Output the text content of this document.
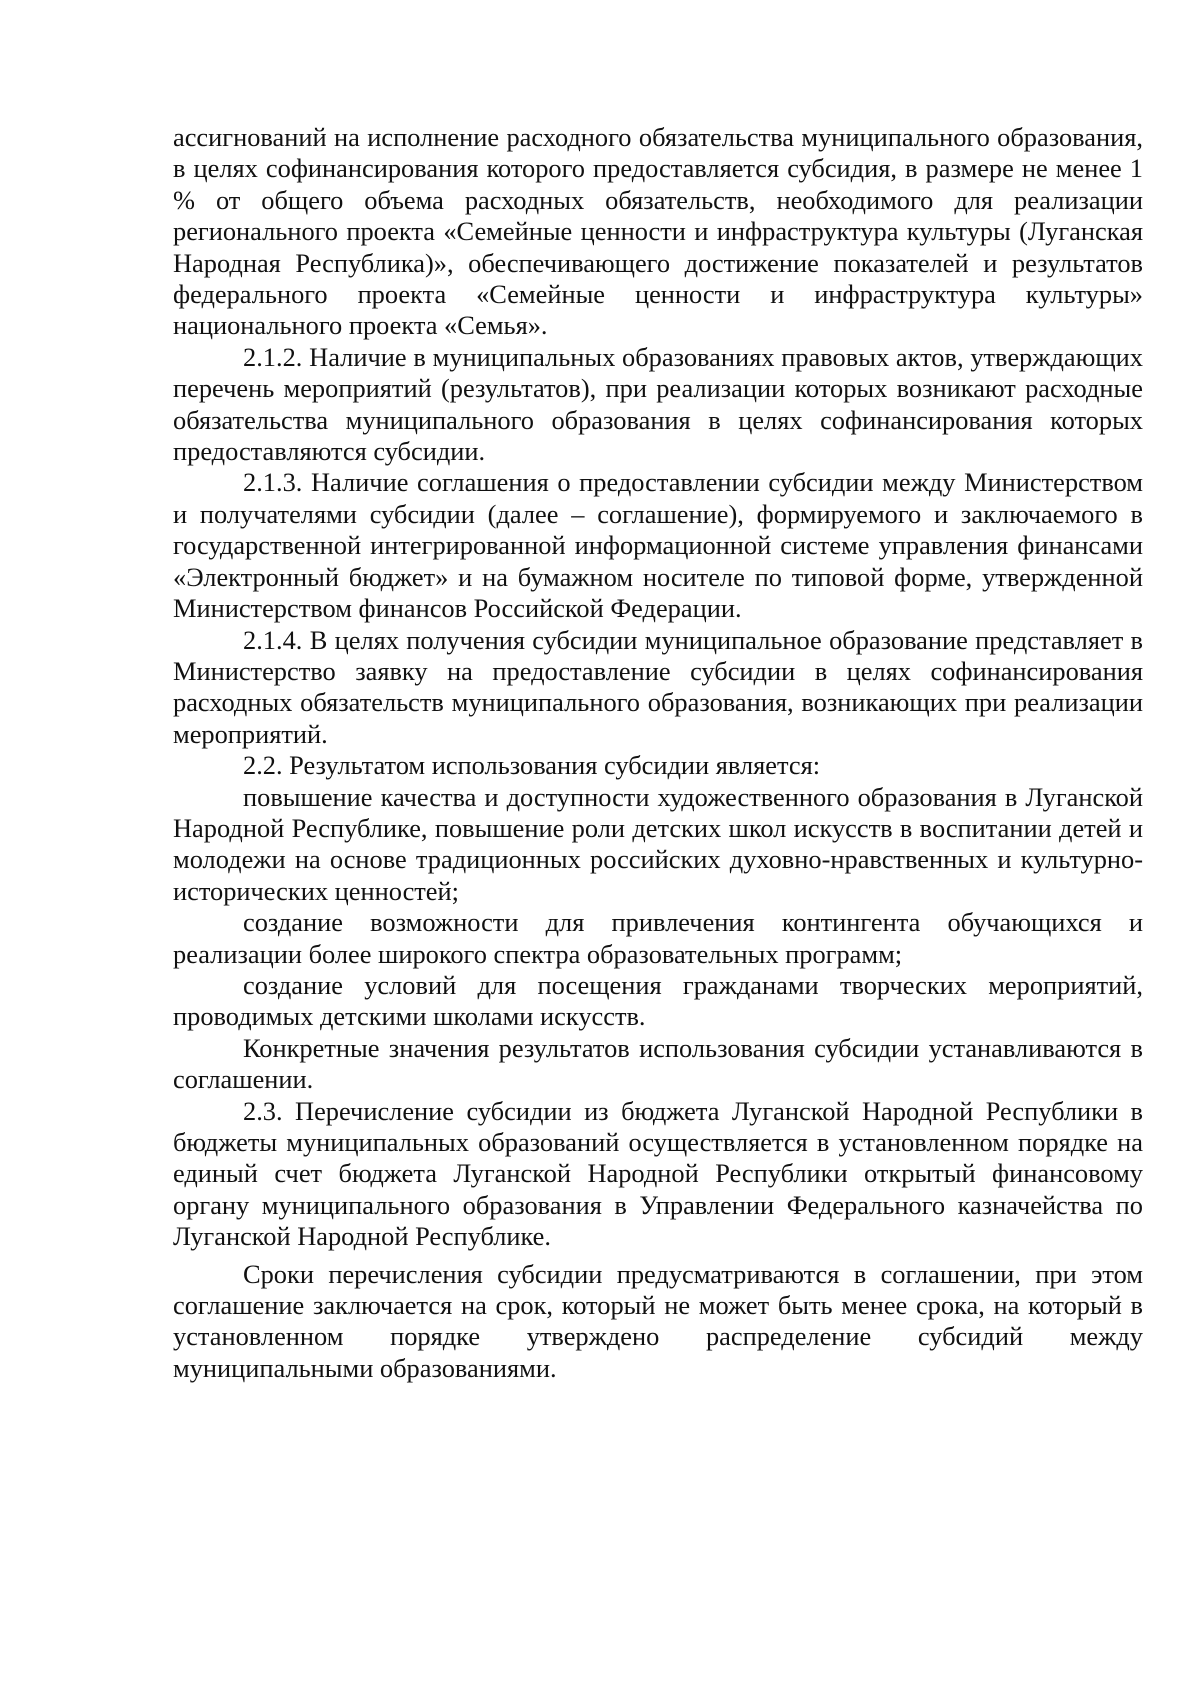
ассигнований на исполнение расходного обязательства муниципального образования, в целях софинансирования которого предоставляется субсидия, в размере не менее 1 % от общего объема расходных обязательств, необходимого для реализации регионального проекта «Семейные ценности и инфраструктура культуры (Луганская Народная Республика)», обеспечивающего достижение показателей и результатов федерального проекта «Семейные ценности и инфраструктура культуры» национального проекта «Семья».

2.1.2. Наличие в муниципальных образованиях правовых актов, утверждающих перечень мероприятий (результатов), при реализации которых возникают расходные обязательства муниципального образования в целях софинансирования которых предоставляются субсидии.

2.1.3. Наличие соглашения о предоставлении субсидии между Министерством и получателями субсидии (далее – соглашение), формируемого и заключаемого в государственной интегрированной информационной системе управления финансами «Электронный бюджет» и на бумажном носителе по типовой форме, утвержденной Министерством финансов Российской Федерации.

2.1.4. В целях получения субсидии муниципальное образование представляет в Министерство заявку на предоставление субсидии в целях софинансирования расходных обязательств муниципального образования, возникающих при реализации мероприятий.

2.2. Результатом использования субсидии является:

повышение качества и доступности художественного образования в Луганской Народной Республике, повышение роли детских школ искусств в воспитании детей и молодежи на основе традиционных российских духовно-нравственных и культурно-исторических ценностей;

создание возможности для привлечения контингента обучающихся и реализации более широкого спектра образовательных программ;

создание условий для посещения гражданами творческих мероприятий, проводимых детскими школами искусств.

Конкретные значения результатов использования субсидии устанавливаются в соглашении.

2.3. Перечисление субсидии из бюджета Луганской Народной Республики в бюджеты муниципальных образований осуществляется в установленном порядке на единый счет бюджета Луганской Народной Республики открытый финансовому органу муниципального образования в Управлении Федерального казначейства по Луганской Народной Республике.

Сроки перечисления субсидии предусматриваются в соглашении, при этом соглашение заключается на срок, который не может быть менее срока, на который в установленном порядке утверждено распределение субсидий между муниципальными образованиями.
